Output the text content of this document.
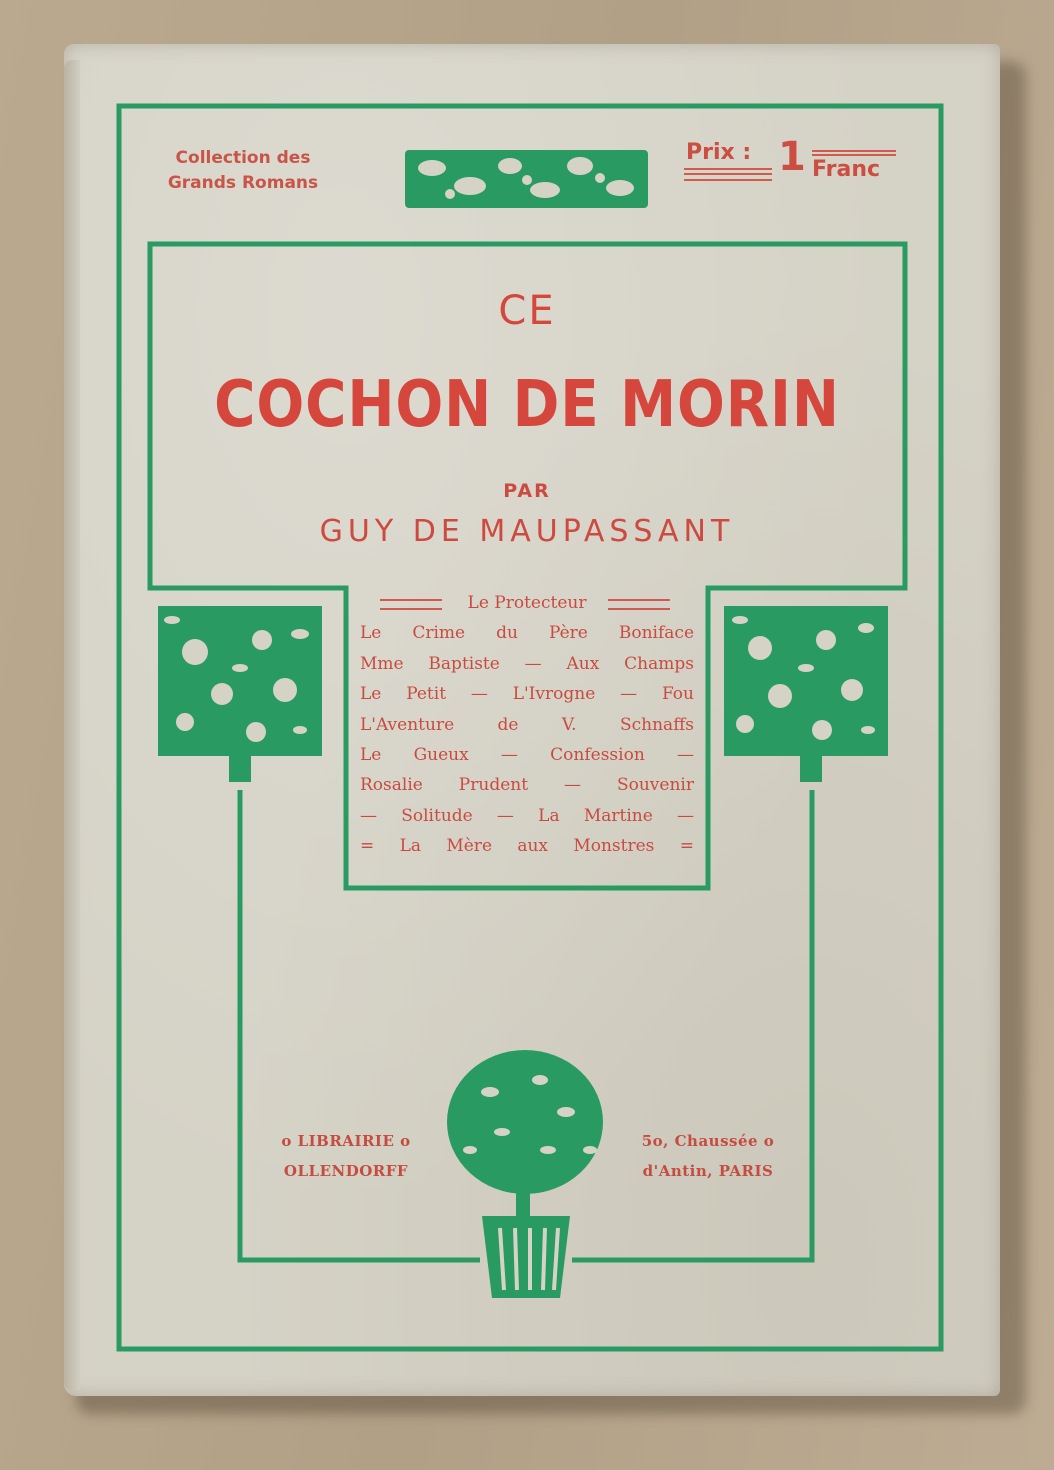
Collection des
Grands Romans
Prix : 1 Franc
CE
COCHON DE MORIN
PAR
GUY DE MAUPASSANT
Le Protecteur
Le Crime du Père Boniface
Mme Baptiste — Aux Champs
Le Petit — L'Ivrogne — Fou
L'Aventure de V. Schnaffs
Le Gueux — Confession —
Rosalie Prudent — Souvenir
— Solitude — La Martine —
= La Mère aux Monstres =
o LIBRAIRIE o
OLLENDORFF
5o, Chaussée o
d'Antin, PARIS
